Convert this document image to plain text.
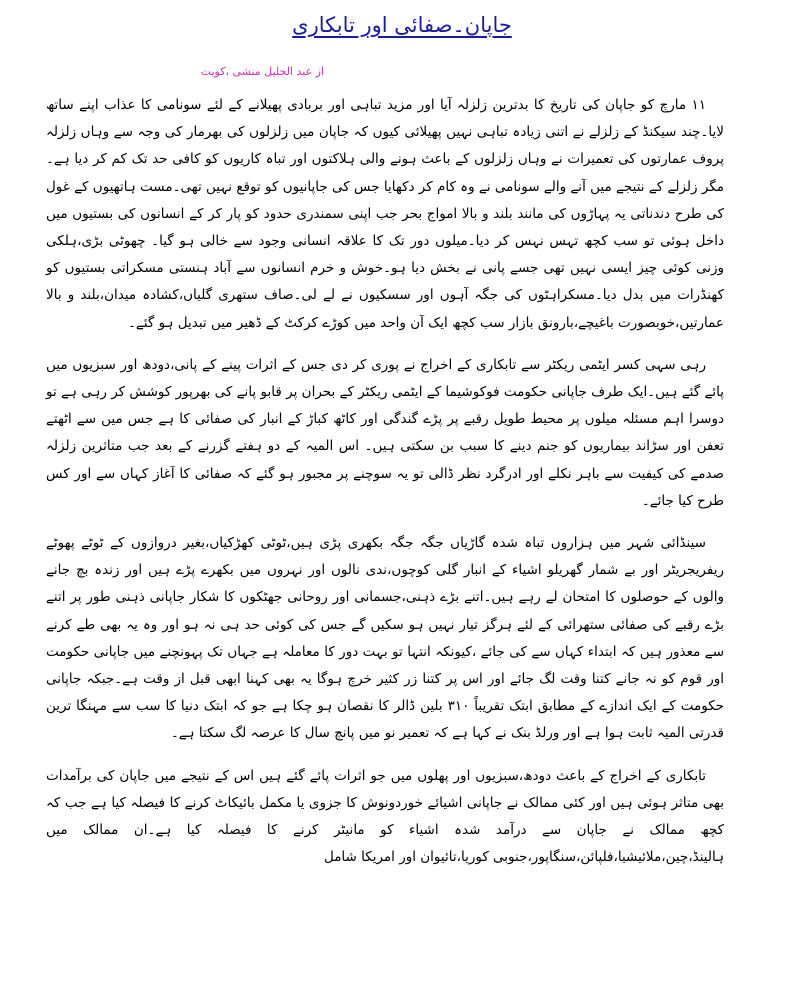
جاپان۔صفائی اور تابکاری
از عبد الجلیل منشی ،کویت

۱۱ مارچ کو جاپان کی تاریخ کا بدترین زلزلہ آیا اور مزید تباہی اور بربادی پھیلانے کے لئے سونامی کا عذاب اپنے ساتھ لایا۔چند سیکنڈ کے زلزلے نے اتنی زیادہ تباہی نہیں پھیلائی کیوں کہ جاپان میں زلزلوں کی بھرمار کی وجہ سے وہاں زلزلہ پروف عمارتوں کی تعمیرات نے وہاں زلزلوں کے باعث ہونے والی ہلاکتوں اور تباہ کاریوں کو کافی حد تک کم کر دیا ہے۔مگر زلزلے کے نتیجے میں آنے والے سونامی نے وہ کام کر دکھایا جس کی جاپانیوں کو توقع نہیں تھی۔مست ہاتھیوں کے غول کی طرح دندناتی یہ پہاڑوں کی مانند بلند و بالا امواج بحر جب اپنی سمندری حدود کو پار کر کے انسانوں کی بستیوں میں داخل ہوئی تو سب کچھ تہس نہس کر دیا۔میلوں دور تک کا علاقہ انسانی وجود سے خالی ہو گیا۔ چھوٹی بڑی،ہلکی وزنی کوئی چیز ایسی نہیں تھی جسے پانی نے بخش دیا ہو۔خوش و خرم انسانوں سے آباد ہنستی مسکراتی بستیوں کو کھنڈرات میں بدل دیا۔مسکراہٹوں کی جگہ آہوں اور سسکیوں نے لے لی۔صاف ستھری گلیاں،کشادہ میدان،بلند و بالا عمارتیں،خوبصورت باغیچے،بارونق بازار سب کچھ ایک آن واحد میں کوڑے کرکٹ کے ڈھیر میں تبدیل ہو گئے۔

رہی سہی کسر ایٹمی ریکٹر سے تابکاری کے اخراج نے پوری کر دی جس کے اثرات پینے کے پانی،دودھ اور سبزیوں میں پائے گئے ہیں۔ایک طرف جاپانی حکومت فوکوشیما کے ایٹمی ریکٹر کے بحران پر قابو پانے کی بھرپور کوشش کر رہی ہے تو دوسرا اہم مسئلہ میلوں پر محیط طویل رقبے پر پڑے گندگی اور کاٹھ کباڑ کے انبار کی صفائی کا ہے جس میں سے اٹھتے تعفن اور سڑاند بیماریوں کو جنم دینے کا سبب بن سکتی ہیں۔ اس المیہ کے دو ہفتے گزرنے کے بعد جب متاثرین زلزلہ صدمے کی کیفیت سے باہر نکلے اور ادرگرد نظر ڈالی تو یہ سوچنے پر مجبور ہو گئے کہ صفائی کا آغاز کہاں سے اور کس طرح کیا جائے۔

سینڈائی شہر میں ہزاروں تباہ شدہ گاڑیاں جگہ جگہ بکھری پڑی ہیں،ٹوٹی کھڑکیاں،بغیر دروازوں کے ٹوٹے پھوٹے ریفریجریٹر اور بے شمار گھریلو اشیاء کے انبار گلی کوچوں،ندی نالوں اور نہروں میں بکھرے پڑے ہیں اور زندہ بچ جانے والوں کے حوصلوں کا امتحان لے رہے ہیں۔اتنے بڑے ذہنی،جسمانی اور روحانی جھٹکوں کا شکار جاپانی ذہنی طور پر اتنے بڑے رقبے کی صفائی ستھرائی کے لئے ہرگز تیار نہیں ہو سکیں گے جس کی کوئی حد ہی نہ ہو اور وہ یہ بھی طے کرنے سے معذور ہیں کہ ابتداء کہاں سے کی جائے ،کیونکہ انتہا تو بہت دور کا معاملہ ہے جہاں تک پہونچنے میں جاپانی حکومت اور قوم کو نہ جانے کتنا وقت لگ جائے اور اس پر کتنا زر کثیر خرچ ہوگا یہ بھی کہنا ابھی قبل از وقت ہے۔جبکہ جاپانی حکومت کے ایک اندازے کے مطابق ابتک تقریباً ۳۱۰ بلین ڈالر کا نقصان ہو چکا ہے جو کہ ابتک دنیا کا سب سے مہنگا ترین قدرتی المیہ ثابت ہوا ہے اور ورلڈ بنک نے کہا ہے کہ تعمیر نو میں پانچ سال کا عرصہ لگ سکتا ہے۔

تابکاری کے اخراج کے باعث دودھ،سبزیوں اور پھلوں میں جو اثرات پائے گئے ہیں اس کے نتیجے میں جاپان کی برآمدات بھی متاثر ہوئی ہیں اور کئی ممالک نے جاپانی اشیائے خوردونوش کا جزوی یا مکمل بائیکاٹ کرنے کا فیصلہ کیا ہے جب کہ کچھ ممالک نے جاپان سے درآمد شدہ اشیاء کو مانیٹر کرنے کا فیصلہ کیا ہے۔ان ممالک میں ہالینڈ،چین،ملائیشیا،فلپائن،سنگاپور،جنوبی کوریا،تائیوان اور امریکا شامل
